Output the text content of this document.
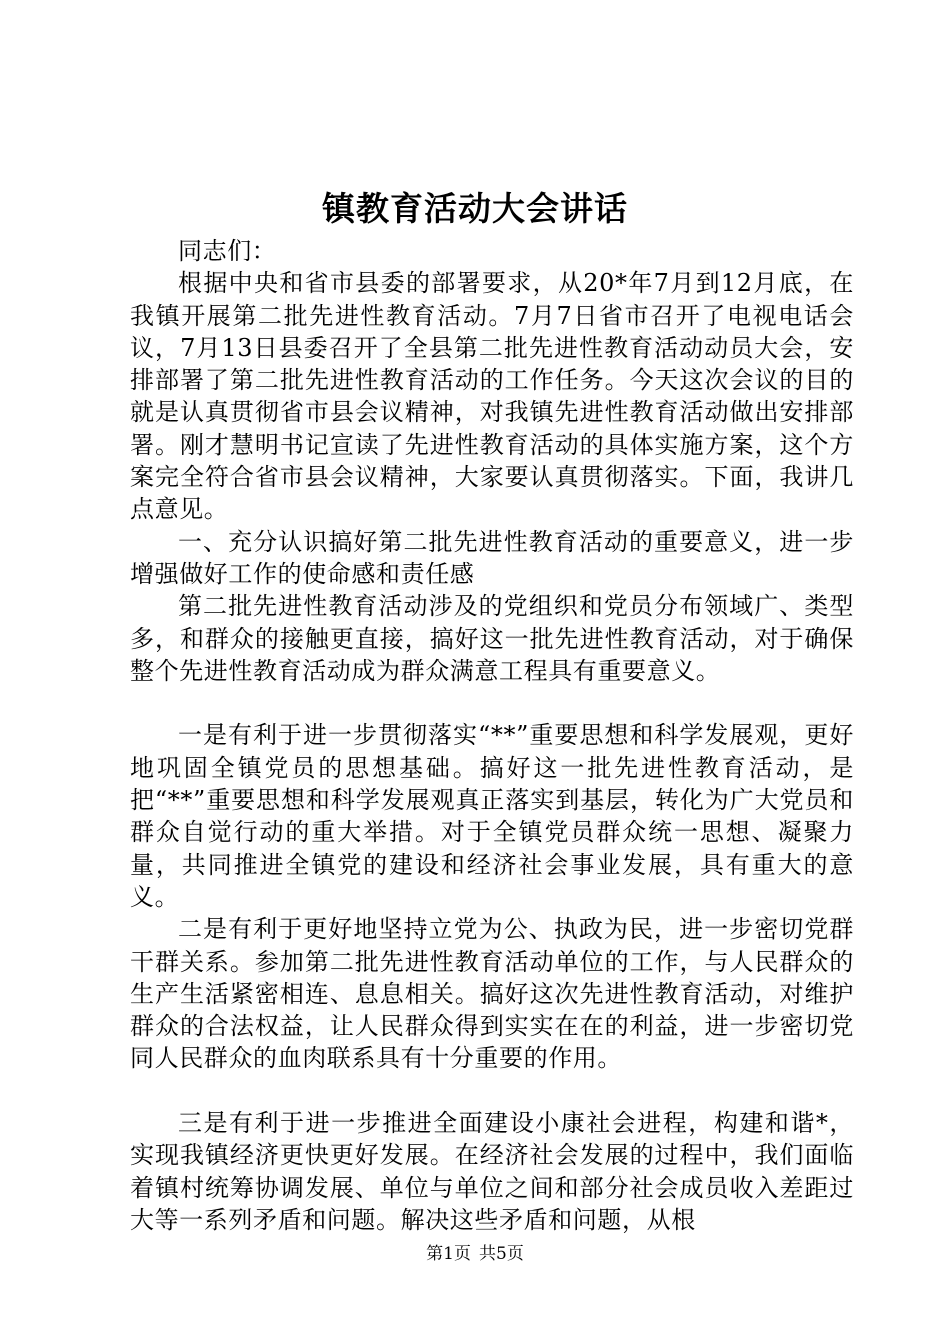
镇教育活动大会讲话

同志们：

根据中央和省市县委的部署要求，从20*年7月到12月底，在我镇开展第二批先进性教育活动。7月7日省市召开了电视电话会议，7月13日县委召开了全县第二批先进性教育活动动员大会，安排部署了第二批先进性教育活动的工作任务。今天这次会议的目的就是认真贯彻省市县会议精神，对我镇先进性教育活动做出安排部署。刚才慧明书记宣读了先进性教育活动的具体实施方案，这个方案完全符合省市县会议精神，大家要认真贯彻落实。下面，我讲几点意见。

一、充分认识搞好第二批先进性教育活动的重要意义，进一步增强做好工作的使命感和责任感

第二批先进性教育活动涉及的党组织和党员分布领域广、类型多，和群众的接触更直接，搞好这一批先进性教育活动，对于确保整个先进性教育活动成为群众满意工程具有重要意义。

一是有利于进一步贯彻落实“**”重要思想和科学发展观，更好地巩固全镇党员的思想基础。搞好这一批先进性教育活动，是把“**”重要思想和科学发展观真正落实到基层，转化为广大党员和群众自觉行动的重大举措。对于全镇党员群众统一思想、凝聚力量，共同推进全镇党的建设和经济社会事业发展，具有重大的意义。

二是有利于更好地坚持立党为公、执政为民，进一步密切党群干群关系。参加第二批先进性教育活动单位的工作，与人民群众的生产生活紧密相连、息息相关。搞好这次先进性教育活动，对维护群众的合法权益，让人民群众得到实实在在的利益，进一步密切党同人民群众的血肉联系具有十分重要的作用。

三是有利于进一步推进全面建设小康社会进程，构建和谐*，实现我镇经济更快更好发展。在经济社会发展的过程中，我们面临着镇村统筹协调发展、单位与单位之间和部分社会成员收入差距过大等一系列矛盾和问题。解决这些矛盾和问题，从根

第1页 共5页
